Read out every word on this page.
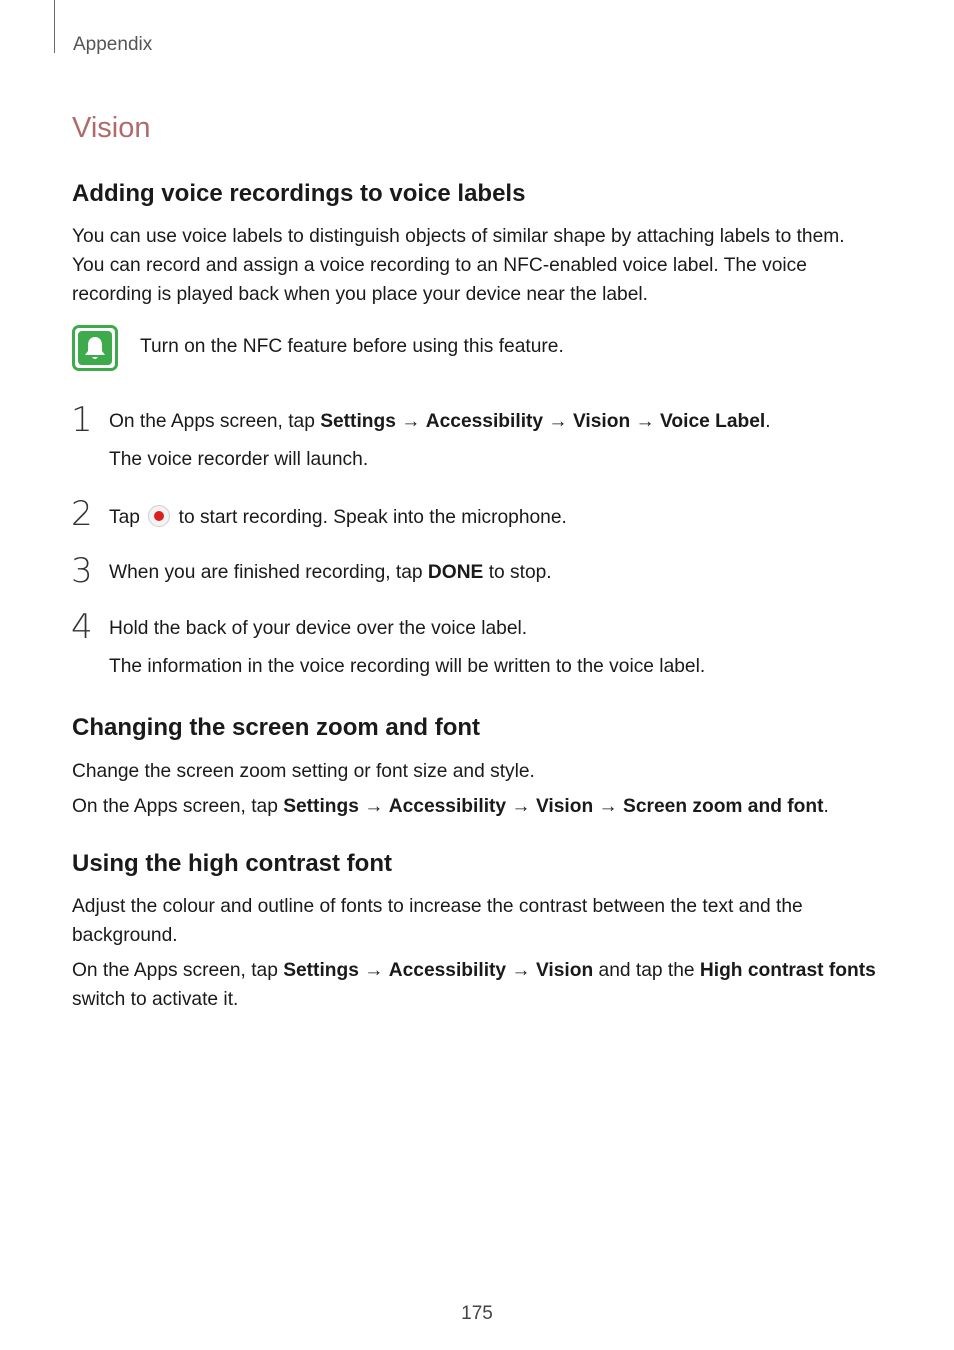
Appendix
Vision
Adding voice recordings to voice labels
You can use voice labels to distinguish objects of similar shape by attaching labels to them.
You can record and assign a voice recording to an NFC-enabled voice label. The voice
recording is played back when you place your device near the label.
Turn on the NFC feature before using this feature.
1 On the Apps screen, tap Settings → Accessibility → Vision → Voice Label.
The voice recorder will launch.
2 Tap to start recording. Speak into the microphone.
3 When you are finished recording, tap DONE to stop.
4 Hold the back of your device over the voice label.
The information in the voice recording will be written to the voice label.
Changing the screen zoom and font
Change the screen zoom setting or font size and style.
On the Apps screen, tap Settings → Accessibility → Vision → Screen zoom and font.
Using the high contrast font
Adjust the colour and outline of fonts to increase the contrast between the text and the
background.
On the Apps screen, tap Settings → Accessibility → Vision and tap the High contrast fonts
switch to activate it.
175
